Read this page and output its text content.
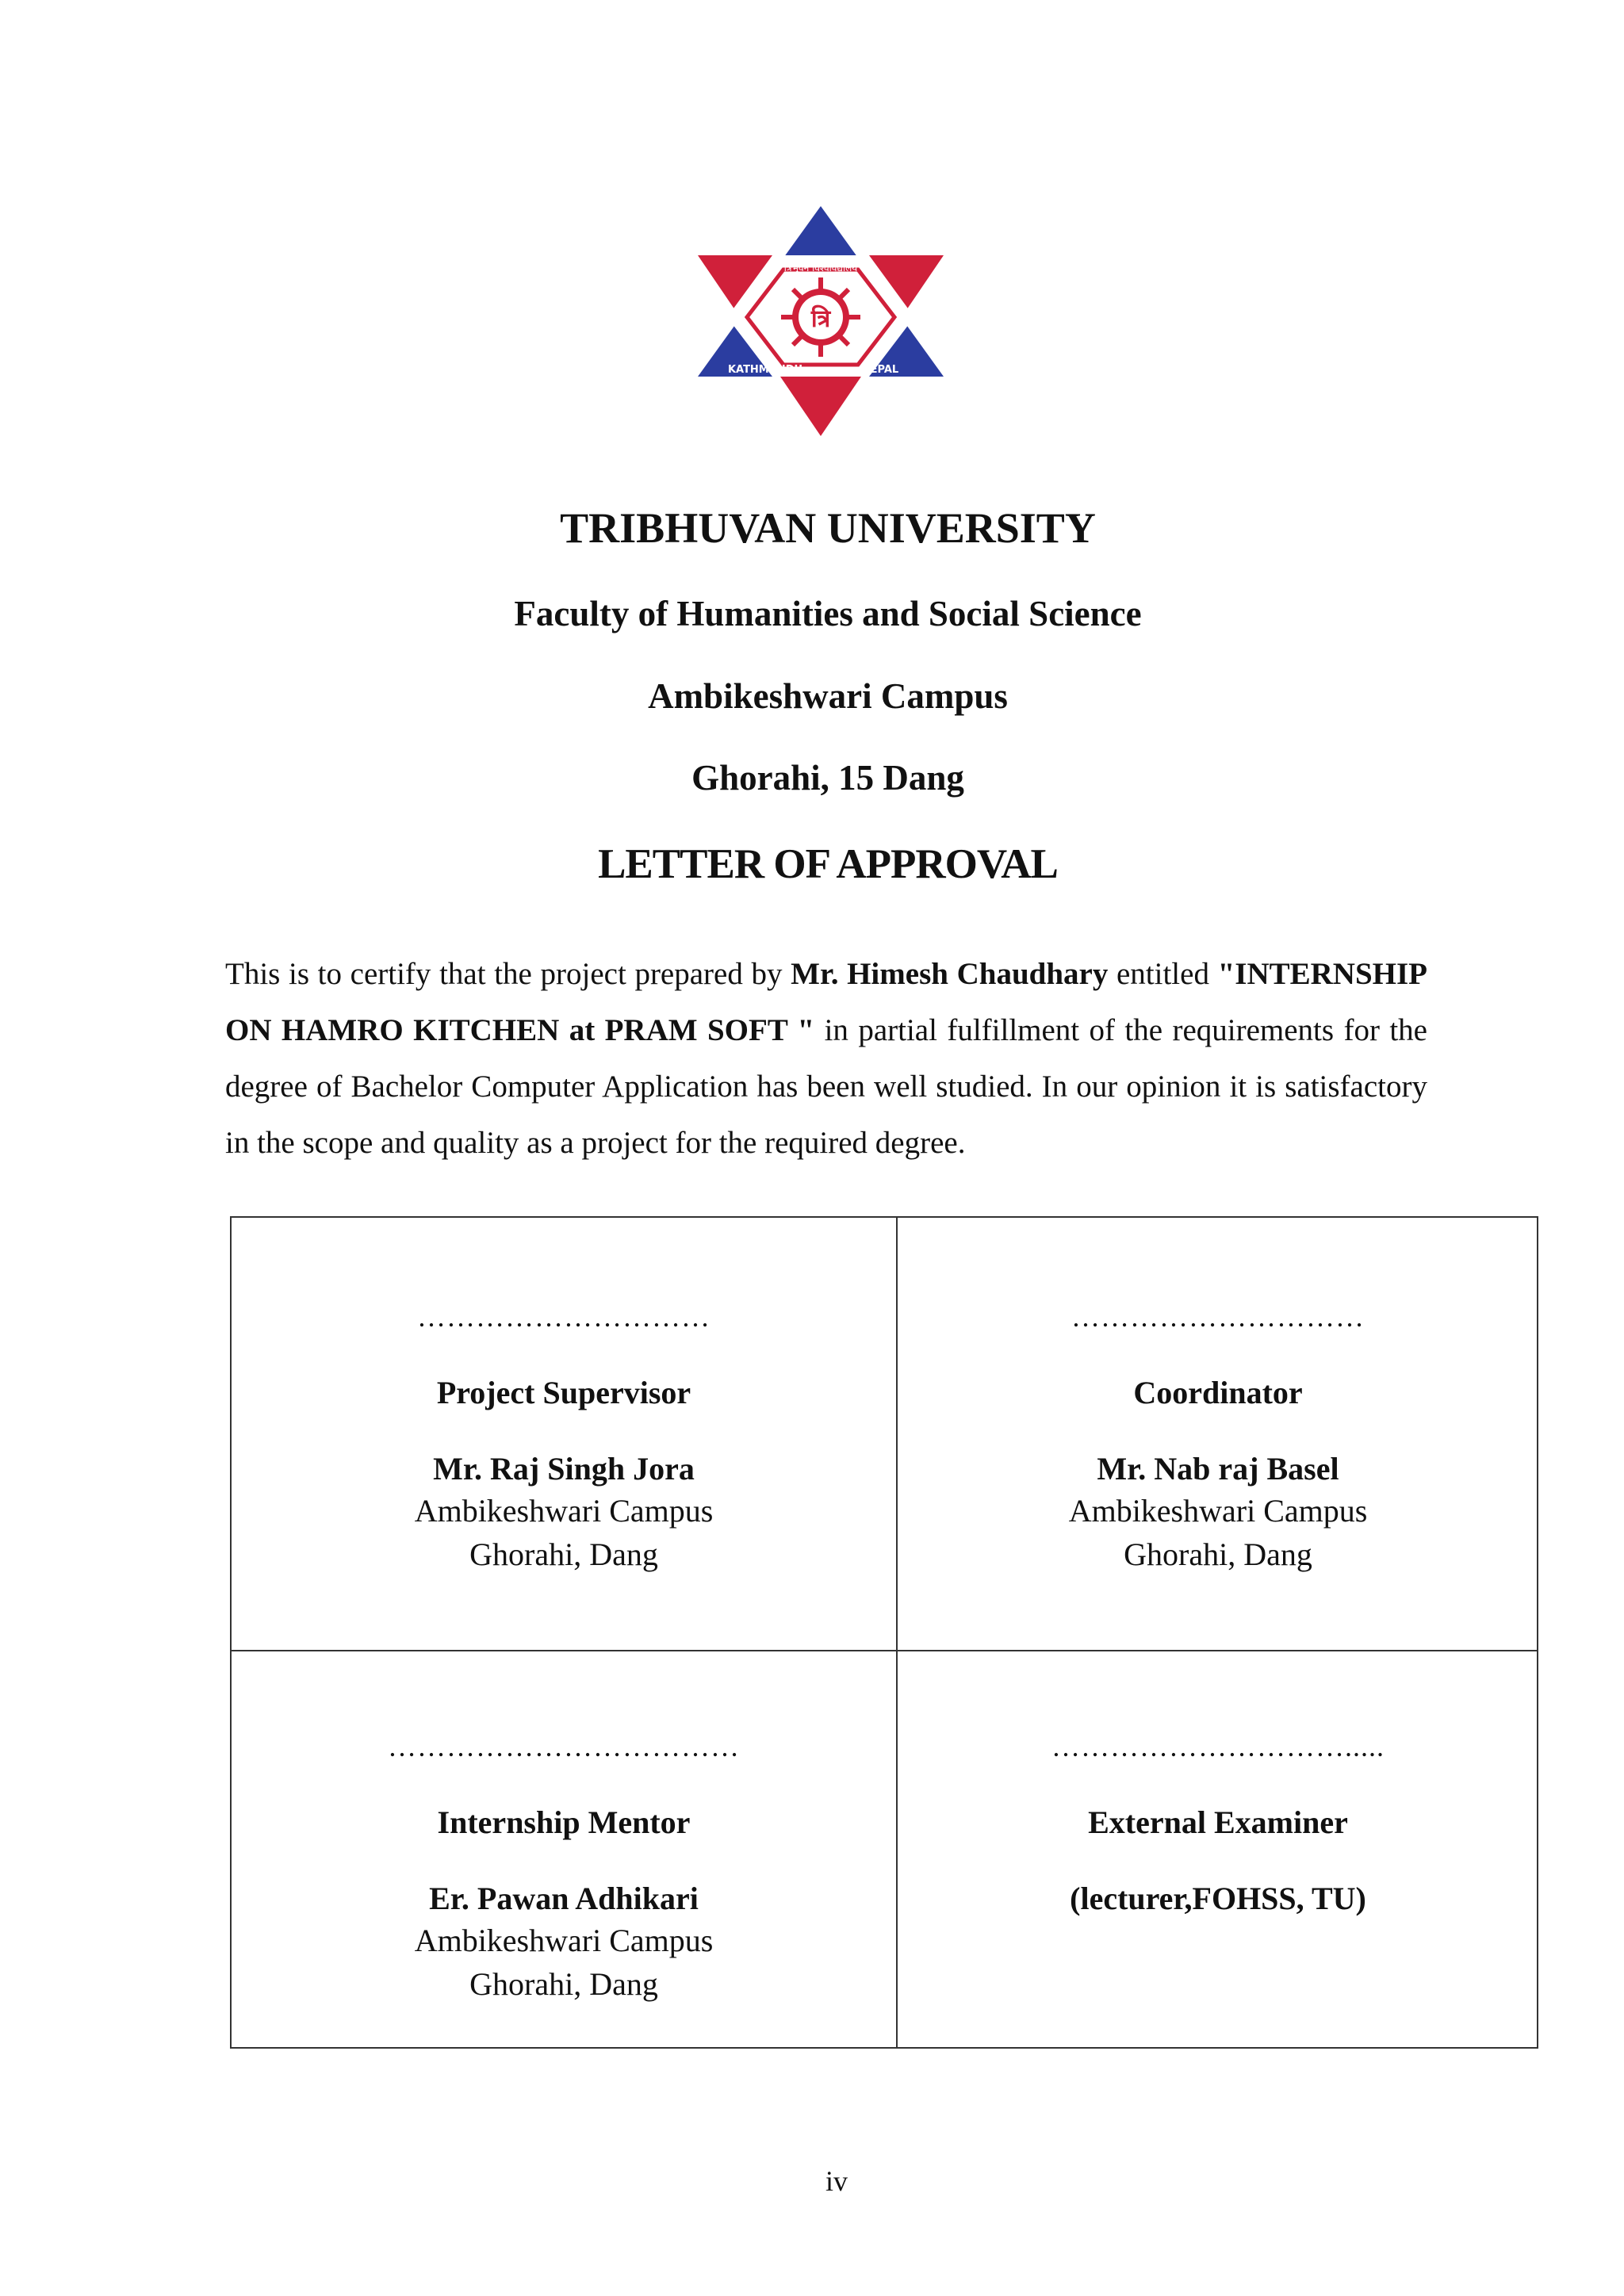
त्रि
त्रिभुवन विश्वविद्यालय
KATHMANDU	NEPAL
TRIBHUVAN UNIVERSITY
Faculty of Humanities and Social Science
Ambikeshwari Campus
Ghorahi, 15 Dang
LETTER OF APPROVAL
This is to certify that the project prepared by Mr. Himesh Chaudhary entitled "INTERNSHIP ON HAMRO KITCHEN at PRAM SOFT " in partial fulfillment of the requirements for the degree of Bachelor Computer Application has been well studied. In our opinion it is satisfactory in the scope and quality as a project for the required degree.
…………………………
Project Supervisor
Mr. Raj Singh Jora
Ambikeshwari Campus
Ghorahi, Dang
…………………………
Coordinator
Mr. Nab raj Basel
Ambikeshwari Campus
Ghorahi, Dang
………………………………
Internship Mentor
Er. Pawan Adhikari
Ambikeshwari Campus
Ghorahi, Dang
………………………….....
External Examiner
(lecturer,FOHSS, TU)
iv
